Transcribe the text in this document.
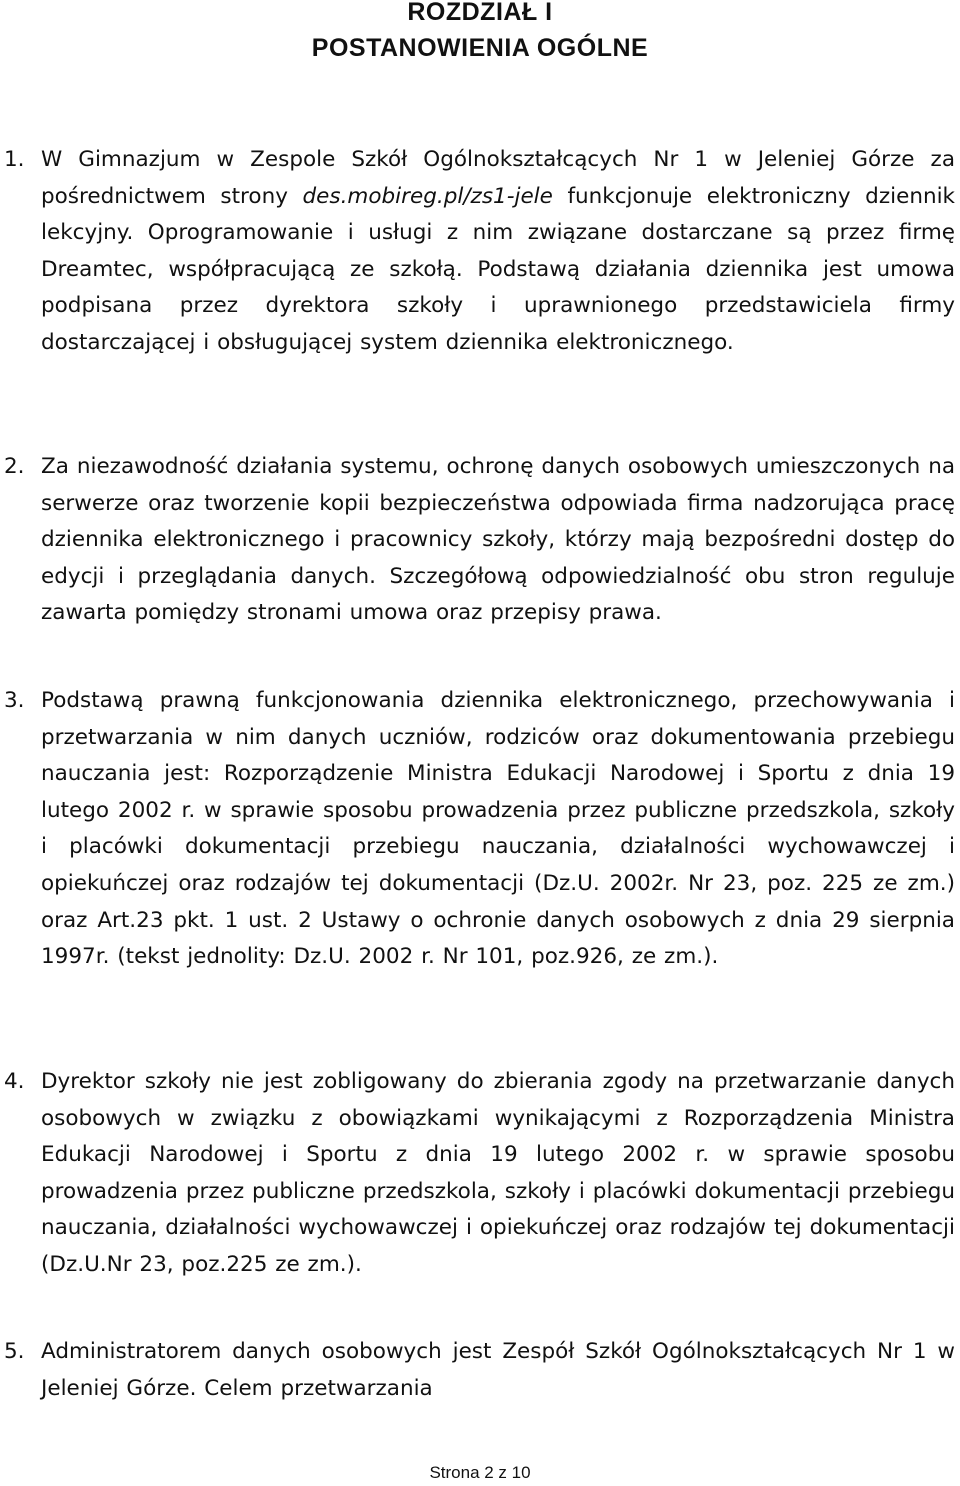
ROZDZIAŁ I
POSTANOWIENIA OGÓLNE
1. W Gimnazjum w Zespole Szkół Ogólnokształcących Nr 1 w Jeleniej Górze za pośrednictwem strony des.mobireg.pl/zs1-jele funkcjonuje elektroniczny dziennik lekcyjny. Oprogramowanie i usługi z nim związane dostarczane są przez firmę Dreamtec, współpracującą ze szkołą. Podstawą działania dziennika jest umowa podpisana przez dyrektora szkoły i uprawnionego przedstawiciela firmy dostarczającej i obsługującej system dziennika elektronicznego.
2. Za niezawodność działania systemu, ochronę danych osobowych umieszczonych na serwerze oraz tworzenie kopii bezpieczeństwa odpowiada firma nadzorująca pracę dziennika elektronicznego i pracownicy szkoły, którzy mają bezpośredni dostęp do edycji i przeglądania danych. Szczegółową odpowiedzialność obu stron reguluje zawarta pomiędzy stronami umowa oraz przepisy prawa.
3. Podstawą prawną funkcjonowania dziennika elektronicznego, przechowywania i przetwarzania w nim danych uczniów, rodziców oraz dokumentowania przebiegu nauczania jest: Rozporządzenie Ministra Edukacji Narodowej i Sportu z dnia 19 lutego 2002 r. w sprawie sposobu prowadzenia przez publiczne przedszkola, szkoły i placówki dokumentacji przebiegu nauczania, działalności wychowawczej i opiekuńczej oraz rodzajów tej dokumentacji (Dz.U. 2002r. Nr 23, poz. 225 ze zm.) oraz Art.23 pkt. 1 ust. 2 Ustawy o ochronie danych osobowych z dnia 29 sierpnia 1997r. (tekst jednolity: Dz.U. 2002 r. Nr 101, poz.926, ze zm.).
4. Dyrektor szkoły nie jest zobligowany do zbierania zgody na przetwarzanie danych osobowych w związku z obowiązkami wynikającymi z Rozporządzenia Ministra Edukacji Narodowej i Sportu z dnia 19 lutego 2002 r. w sprawie sposobu prowadzenia przez publiczne przedszkola, szkoły i placówki dokumentacji przebiegu nauczania, działalności wychowawczej i opiekuńczej oraz rodzajów tej dokumentacji (Dz.U.Nr 23, poz.225 ze zm.).
5. Administratorem danych osobowych jest Zespół Szkół Ogólnokształcących Nr 1 w Jeleniej Górze. Celem przetwarzania
Strona 2 z 10
